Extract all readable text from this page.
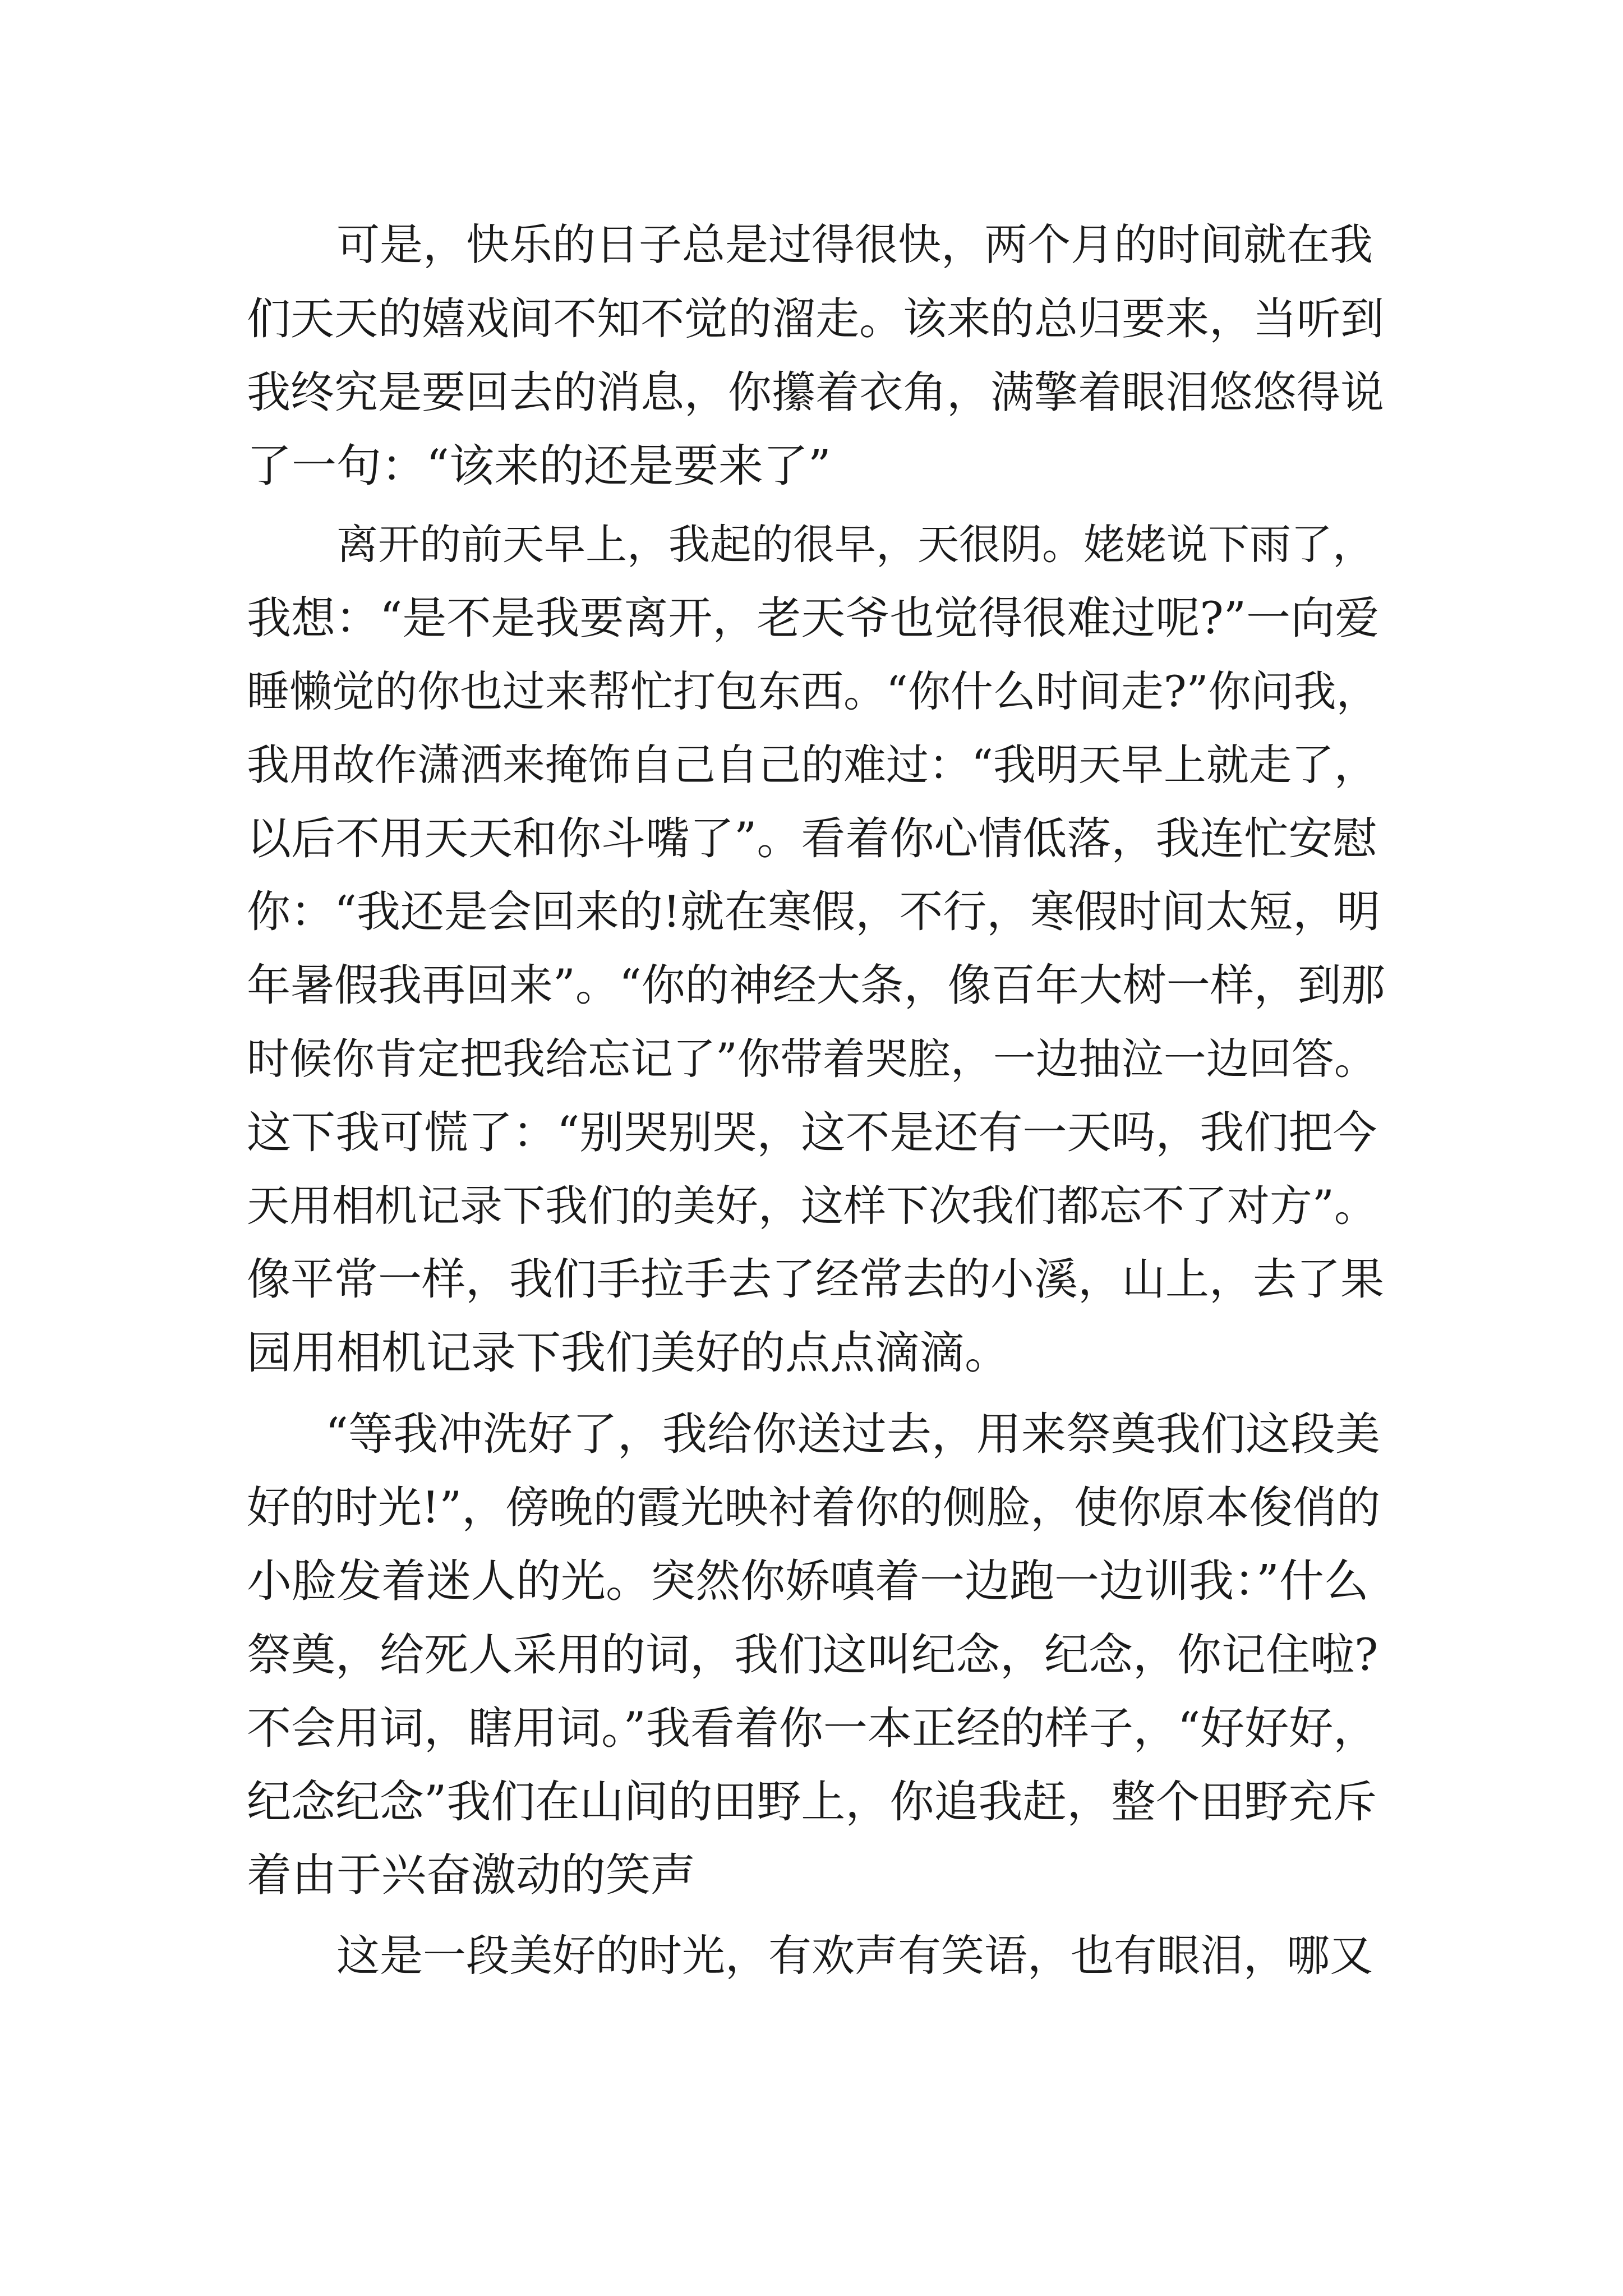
可是，快乐的日子总是过得很快，两个月的时间就在我
们天天的嬉戏间不知不觉的溜走。该来的总归要来，当听到
我终究是要回去的消息，你攥着衣角，满擎着眼泪悠悠得说
了一句：“该来的还是要来了”
离开的前天早上，我起的很早，天很阴。姥姥说下雨了，
我想：“是不是我要离开，老天爷也觉得很难过呢?”一向爱
睡懒觉的你也过来帮忙打包东西。“你什么时间走?”你问我，
我用故作潇洒来掩饰自己自己的难过：“我明天早上就走了，
以后不用天天和你斗嘴了”。看着你心情低落，我连忙安慰
你：“我还是会回来的!就在寒假，不行，寒假时间太短，明
年暑假我再回来”。“你的神经大条，像百年大树一样，到那
时候你肯定把我给忘记了”你带着哭腔，一边抽泣一边回答。
这下我可慌了：“别哭别哭，这不是还有一天吗，我们把今
天用相机记录下我们的美好，这样下次我们都忘不了对方”。
像平常一样，我们手拉手去了经常去的小溪，山上，去了果
园用相机记录下我们美好的点点滴滴。
“等我冲洗好了，我给你送过去，用来祭奠我们这段美
好的时光!”，傍晚的霞光映衬着你的侧脸，使你原本俊俏的
小脸发着迷人的光。突然你娇嗔着一边跑一边训我：”什么
祭奠，给死人采用的词，我们这叫纪念，纪念，你记住啦?
不会用词，瞎用词。”我看着你一本正经的样子，“好好好，
纪念纪念”我们在山间的田野上，你追我赶，整个田野充斥
着由于兴奋激动的笑声
这是一段美好的时光，有欢声有笑语，也有眼泪，哪又
